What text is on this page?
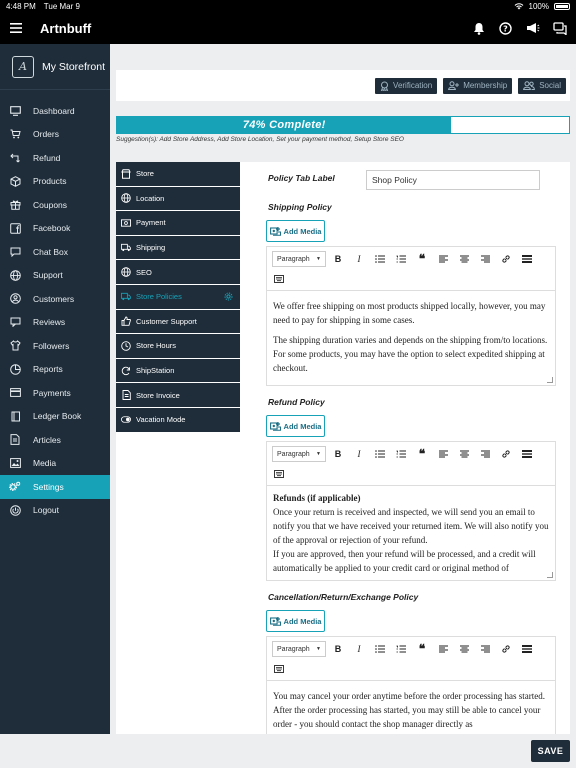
4:48 PM Tue Mar 9	100%
Artnbuff	?
A	My Storefront
Dashboard
Orders
Refund
Products
Coupons
Facebook
Chat Box
Support
Customers
Reviews
Followers
Reports
Payments
Ledger Book
Articles
Media
Settings
Logout
Verification	Membership	Social
74% Complete!
Suggestion(s): Add Store Address, Add Store Location, Set your payment method, Setup Store SEO
Store
Location
Payment
Shipping
SEO
Store Policies
Customer Support
Store Hours
ShipStation
Store Invoice
Vacation Mode
Policy Tab Label
Shop Policy
Shipping Policy
Add Media
Paragraph ▼	B	I	❝

We offer free shipping on most products shipped locally, however, you may need to pay for shipping in some cases.

The shipping duration varies and depends on the shipping from/to locations. For some products, you may have the option to select expedited shipping at checkout.

Refund Policy
Add Media
Paragraph ▼	B	I	❝
Refunds (if applicable)
Once your return is received and inspected, we will send you an email to notify you that we have received your returned item. We will also notify you of the approval or rejection of your refund.
If you are approved, then your refund will be processed, and a credit will automatically be applied to your credit card or original method of
Cancellation/Return/Exchange Policy
Add Media
Paragraph ▼	B	I	❝

You may cancel your order anytime before the order processing has started. After the order processing has started, you may still be able to cancel your order - you should contact the shop manager directly as

SAVE
